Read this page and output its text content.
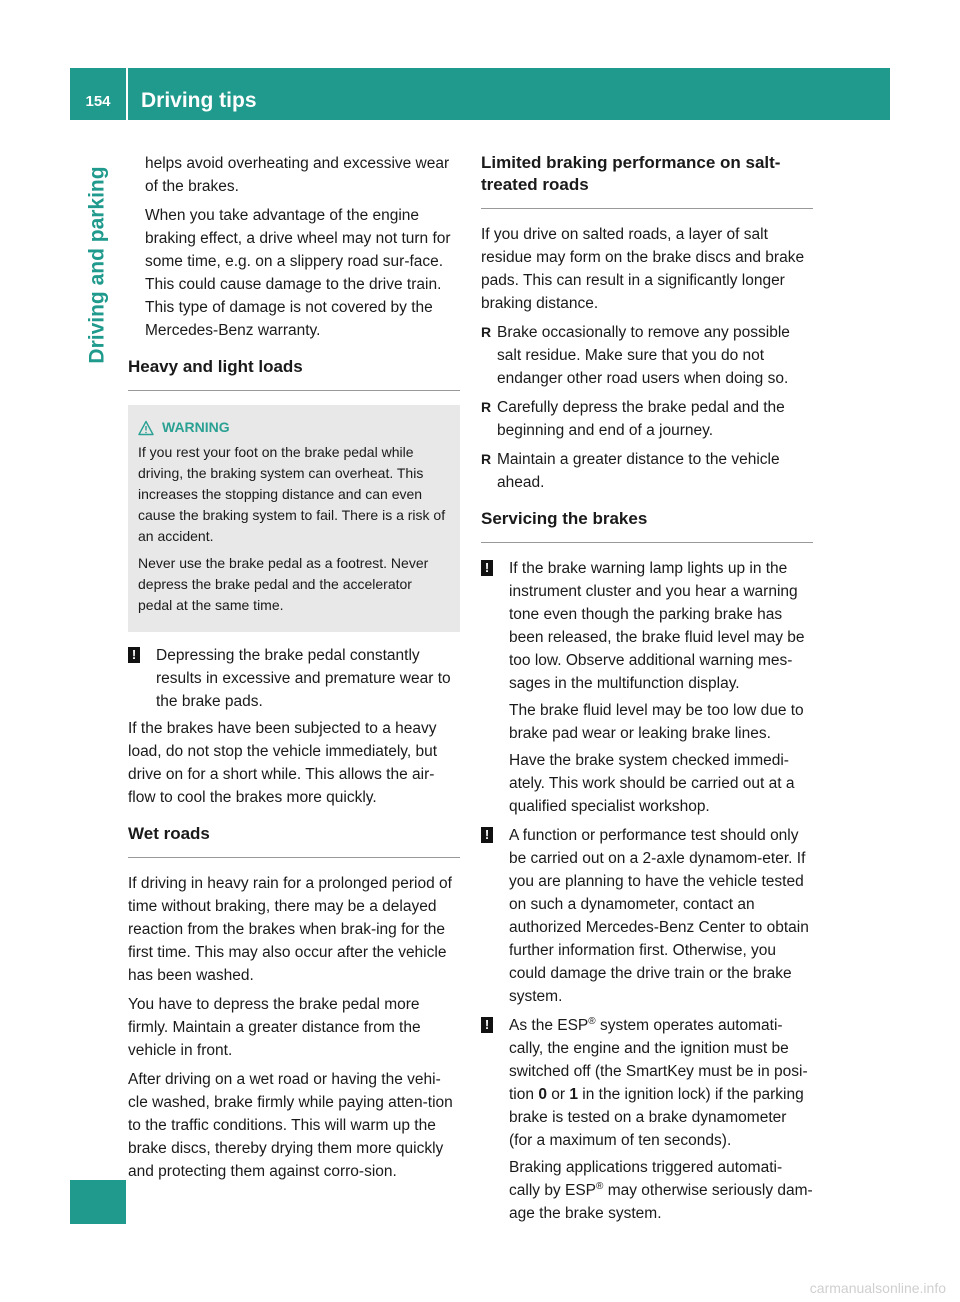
154	Driving tips
Driving and parking

helps avoid overheating and excessive wear of the brakes.

When you take advantage of the engine braking effect, a drive wheel may not turn for some time, e.g. on a slippery road sur-face. This could cause damage to the drive train. This type of damage is not covered by the Mercedes-Benz warranty.

Heavy and light loads
WARNING

If you rest your foot on the brake pedal while driving, the braking system can overheat. This increases the stopping distance and can even cause the braking system to fail. There is a risk of an accident.

Never use the brake pedal as a footrest. Never depress the brake pedal and the accelerator pedal at the same time.

! Depressing the brake pedal constantly results in excessive and premature wear to the brake pads.

If the brakes have been subjected to a heavy load, do not stop the vehicle immediately, but drive on for a short while. This allows the air-flow to cool the brakes more quickly.

Wet roads

If driving in heavy rain for a prolonged period of time without braking, there may be a delayed reaction from the brakes when brak-ing for the first time. This may also occur after the vehicle has been washed.

You have to depress the brake pedal more firmly. Maintain a greater distance from the vehicle in front.

After driving on a wet road or having the vehi-cle washed, brake firmly while paying atten-tion to the traffic conditions. This will warm up the brake discs, thereby drying them more quickly and protecting them against corro-sion.

Limited braking performance on salt-treated roads

If you drive on salted roads, a layer of salt residue may form on the brake discs and brake pads. This can result in a significantly longer braking distance.

R Brake occasionally to remove any possible salt residue. Make sure that you do not endanger other road users when doing so.
R Carefully depress the brake pedal and the beginning and end of a journey.
R Maintain a greater distance to the vehicle ahead.
Servicing the brakes
! If the brake warning lamp lights up in the instrument cluster and you hear a warning tone even though the parking brake has been released, the brake fluid level may be too low. Observe additional warning mes-sages in the multifunction display.

The brake fluid level may be too low due to brake pad wear or leaking brake lines.

Have the brake system checked immedi-ately. This work should be carried out at a qualified specialist workshop.

! A function or performance test should only be carried out on a 2-axle dynamom-eter. If you are planning to have the vehicle tested on such a dynamometer, contact an authorized Mercedes-Benz Center to obtain further information first. Otherwise, you could damage the drive train or the brake system.

! As the ESP® system operates automati-cally, the engine and the ignition must be switched off (the SmartKey must be in posi-tion 0 or 1 in the ignition lock) if the parking brake is tested on a brake dynamometer (for a maximum of ten seconds).

Braking applications triggered automati-cally by ESP® may otherwise seriously dam-age the brake system.

carmanualsonline.info
